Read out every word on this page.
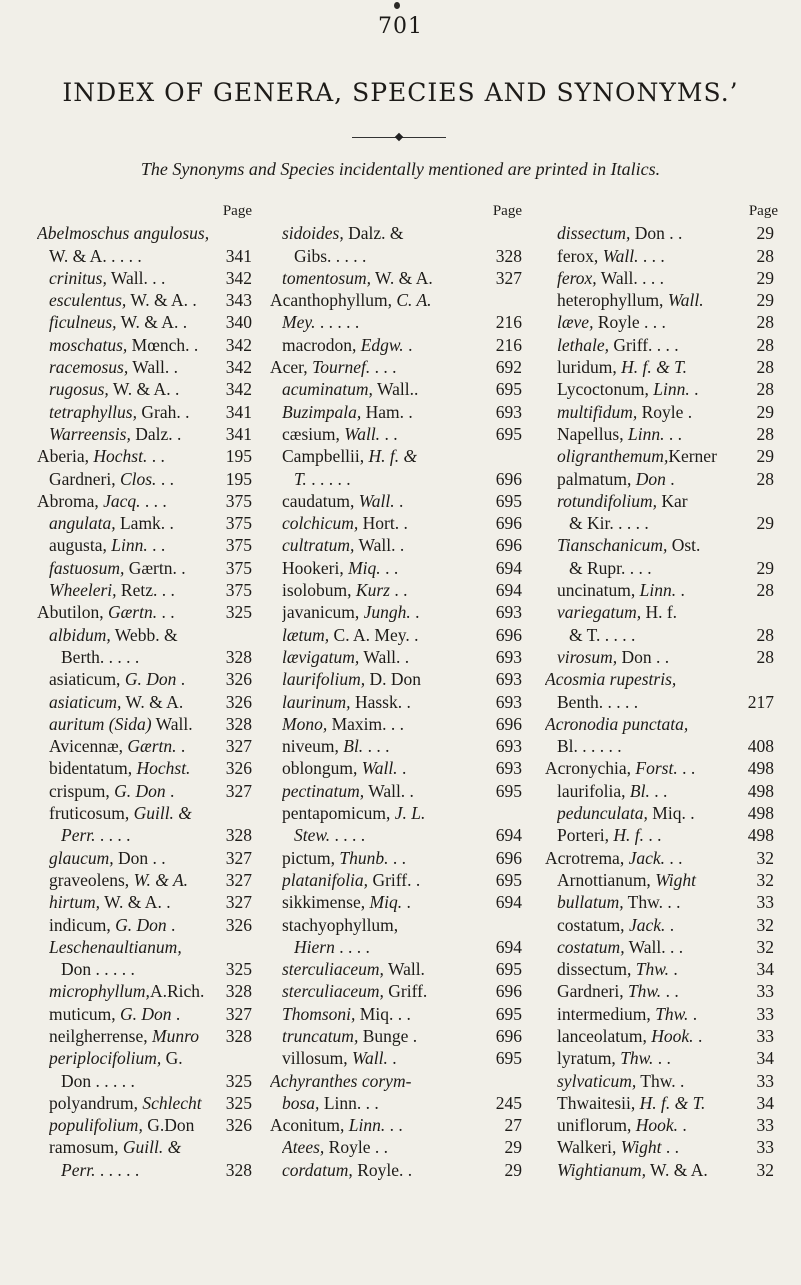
701
INDEX OF GENERA, SPECIES AND SYNONYMS.’
The Synonyms and Species incidentally mentioned are printed in Italics.
Page
Abelmoschus angulosus,
W. & A. . . . .	341
crinitus, Wall. . .	342
esculentus, W. & A. .	343
ficulneus, W. & A. .	340
moschatus, Mœnch. .	342
racemosus, Wall. .	342
rugosus, W. & A. .	342
tetraphyllus, Grah. .	341
Warreensis, Dalz. .	341
Aberia, Hochst. . .	195
Gardneri, Clos. . .	195
Abroma, Jacq. . . .	375
angulata, Lamk. .	375
augusta, Linn. . .	375
fastuosum, Gærtn. .	375
Wheeleri, Retz. . .	375
Abutilon, Gærtn. . .	325
albidum, Webb. &
Berth. . . . .	328
asiaticum, G. Don .	326
asiaticum, W. & A.	326
auritum (Sida) Wall.	328
Avicennæ, Gærtn. .	327
bidentatum, Hochst.	326
crispum, G. Don .	327
fruticosum, Guill. &
Perr. . . . .	328
glaucum, Don . .	327
graveolens, W. & A.	327
hirtum, W. & A. .	327
indicum, G. Don .	326
Leschenaultianum,
Don . . . . .	325
microphyllum,A.Rich.	328
muticum, G. Don .	327
neilgherrense, Munro	328
periplocifolium, G.
Don . . . . .	325
polyandrum, Schlecht	325
populifolium, G.Don	326
ramosum, Guill. &
Perr. . . . . .	328
Page
sidoides, Dalz. &
Gibs. . . . .	328
tomentosum, W. & A.	327
Acanthophyllum, C. A.
Mey. . . . . .	216
macrodon, Edgw. .	216
Acer, Tournef. . . .	692
acuminatum, Wall..	695
Buzimpala, Ham. .	693
cæsium, Wall. . .	695
Campbellii, H. f. &
T. . . . . .	696
caudatum, Wall. .	695
colchicum, Hort. .	696
cultratum, Wall. .	696
Hookeri, Miq. . .	694
isolobum, Kurz . .	694
javanicum, Jungh. .	693
lætum, C. A. Mey. .	696
lævigatum, Wall. .	693
laurifolium, D. Don	693
laurinum, Hassk. .	693
Mono, Maxim. . .	696
niveum, Bl. . . .	693
oblongum, Wall. .	693
pectinatum, Wall. .	695
pentapomicum, J. L.
Stew. . . . .	694
pictum, Thunb. . .	696
platanifolia, Griff. .	695
sikkimense, Miq. .	694
stachyophyllum,
Hiern . . . .	694
sterculiaceum, Wall.	695
sterculiaceum, Griff.	696
Thomsoni, Miq. . .	695
truncatum, Bunge .	696
villosum, Wall. .	695
Achyranthes corym-
bosa, Linn. . .	245
Aconitum, Linn. . .	27
Atees, Royle . .	29
cordatum, Royle. .	29
Page
dissectum, Don . .	29
ferox, Wall. . . .	28
ferox, Wall. . . .	29
heterophyllum, Wall.	29
læve, Royle . . .	28
lethale, Griff. . . .	28
luridum, H. f. & T.	28
Lycoctonum, Linn. .	28
multifidum, Royle .	29
Napellus, Linn. . .	28
oligranthemum,Kerner	29
palmatum, Don .	28
rotundifolium, Kar
& Kir. . . . .	29
Tianschanicum, Ost.
& Rupr. . . .	29
uncinatum, Linn. .	28
variegatum, H. f.
& T. . . . .	28
virosum, Don . .	28
Acosmia rupestris,
Benth. . . . .	217
Acronodia punctata,
Bl. . . . . .	408
Acronychia, Forst. . .	498
laurifolia, Bl. . .	498
pedunculata, Miq. .	498
Porteri, H. f. . .	498
Acrotrema, Jack. . .	32
Arnottianum, Wight	32
bullatum, Thw. . .	33
costatum, Jack. .	32
costatum, Wall. . .	32
dissectum, Thw. .	34
Gardneri, Thw. . .	33
intermedium, Thw. .	33
lanceolatum, Hook. .	33
lyratum, Thw. . .	34
sylvaticum, Thw. .	33
Thwaitesii, H. f. & T.	34
uniflorum, Hook. .	33
Walkeri, Wight . .	33
Wightianum, W. & A.	32
